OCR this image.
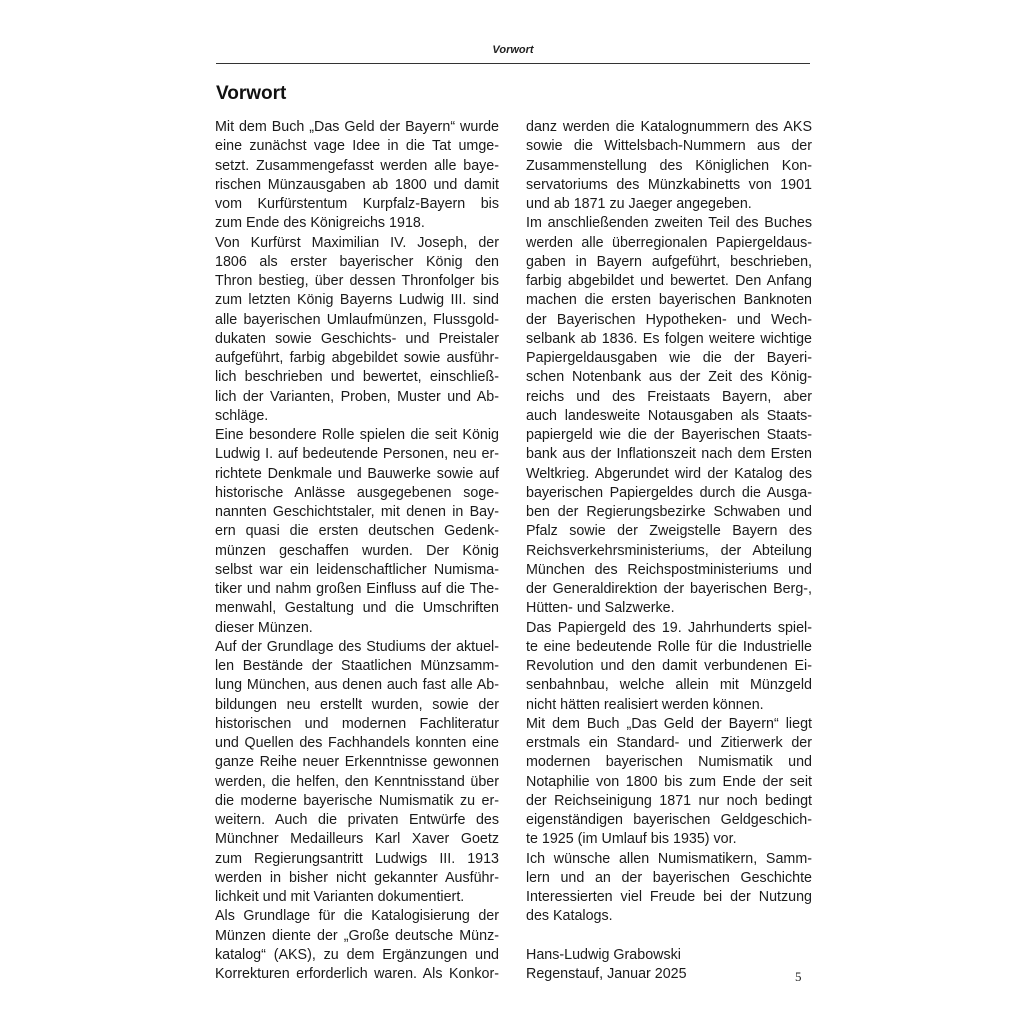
Vorwort
Vorwort

Mit dem Buch „Das Geld der Bayern“ wurde
eine zunächst vage Idee in die Tat umge-
setzt. Zusammengefasst werden alle baye-
rischen Münzausgaben ab 1800 und damit
vom Kurfürstentum Kurpfalz-Bayern bis
zum Ende des Königreichs 1918.

Von Kurfürst Maximilian IV. Joseph, der
1806 als erster bayerischer König den
Thron bestieg, über dessen Thronfolger bis
zum letzten König Bayerns Ludwig III. sind
alle bayerischen Umlaufmünzen, Flussgold-
dukaten sowie Geschichts- und Preistaler
aufgeführt, farbig abgebildet sowie ausführ-
lich beschrieben und bewertet, einschließ-
lich der Varianten, Proben, Muster und Ab-
schläge.

Eine besondere Rolle spielen die seit König
Ludwig I. auf bedeutende Personen, neu er-
richtete Denkmale und Bauwerke sowie auf
historische Anlässe ausgegebenen soge-
nannten Geschichtstaler, mit denen in Bay-
ern quasi die ersten deutschen Gedenk-
münzen geschaffen wurden. Der König
selbst war ein leidenschaftlicher Numisma-
tiker und nahm großen Einfluss auf die The-
menwahl, Gestaltung und die Umschriften
dieser Münzen.

Auf der Grundlage des Studiums der aktuel-
len Bestände der Staatlichen Münzsamm-
lung München, aus denen auch fast alle Ab-
bildungen neu erstellt wurden, sowie der
historischen und modernen Fachliteratur
und Quellen des Fachhandels konnten eine
ganze Reihe neuer Erkenntnisse gewonnen
werden, die helfen, den Kenntnisstand über
die moderne bayerische Numismatik zu er-
weitern. Auch die privaten Entwürfe des
Münchner Medailleurs Karl Xaver Goetz
zum Regierungsantritt Ludwigs III. 1913
werden in bisher nicht gekannter Ausführ-
lichkeit und mit Varianten dokumentiert.

Als Grundlage für die Katalogisierung der
Münzen diente der „Große deutsche Münz-
katalog“ (AKS), zu dem Ergänzungen und
Korrekturen erforderlich waren. Als Konkor-

danz werden die Katalognummern des AKS
sowie die Wittelsbach-Nummern aus der
Zusammenstellung des Königlichen Kon-
servatoriums des Münzkabinetts von 1901
und ab 1871 zu Jaeger angegeben.

Im anschließenden zweiten Teil des Buches
werden alle überregionalen Papiergeldaus-
gaben in Bayern aufgeführt, beschrieben,
farbig abgebildet und bewertet. Den Anfang
machen die ersten bayerischen Banknoten
der Bayerischen Hypotheken- und Wech-
selbank ab 1836. Es folgen weitere wichtige
Papiergeldausgaben wie die der Bayeri-
schen Notenbank aus der Zeit des König-
reichs und des Freistaats Bayern, aber
auch landesweite Notausgaben als Staats-
papiergeld wie die der Bayerischen Staats-
bank aus der Inflationszeit nach dem Ersten
Weltkrieg. Abgerundet wird der Katalog des
bayerischen Papiergeldes durch die Ausga-
ben der Regierungsbezirke Schwaben und
Pfalz sowie der Zweigstelle Bayern des
Reichsverkehrsministeriums, der Abteilung
München des Reichspostministeriums und
der Generaldirektion der bayerischen Berg-,
Hütten- und Salzwerke.

Das Papiergeld des 19. Jahrhunderts spiel-
te eine bedeutende Rolle für die Industrielle
Revolution und den damit verbundenen Ei-
senbahnbau, welche allein mit Münzgeld
nicht hätten realisiert werden können.

Mit dem Buch „Das Geld der Bayern“ liegt
erstmals ein Standard- und Zitierwerk der
modernen bayerischen Numismatik und
Notaphilie von 1800 bis zum Ende der seit
der Reichseinigung 1871 nur noch bedingt
eigenständigen bayerischen Geldgeschich-
te 1925 (im Umlauf bis 1935) vor.

Ich wünsche allen Numismatikern, Samm-
lern und an der bayerischen Geschichte
Interessierten viel Freude bei der Nutzung
des Katalogs.

Hans-Ludwig Grabowski
Regenstauf, Januar 2025	5
